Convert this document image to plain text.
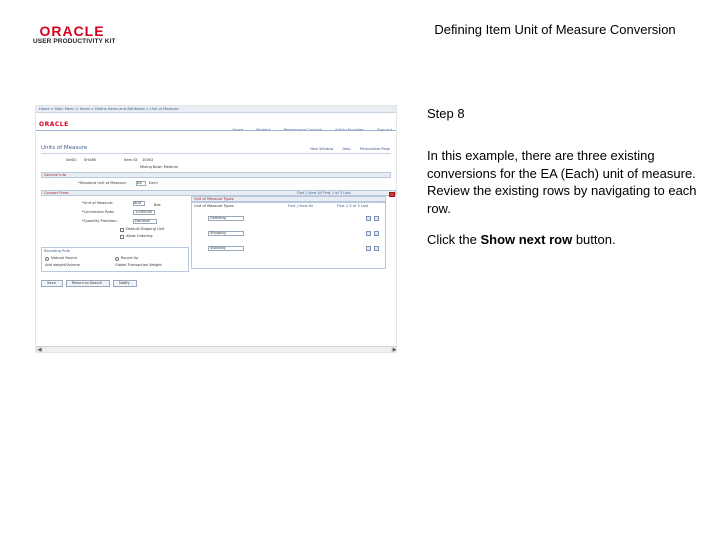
ORACLE
USER PRODUCTIVITY KIT
Defining Item Unit of Measure Conversion
Home > Main Menu > Items > Define Items and Attributes > Unit of Measure

ORACLE
New Window	Help	Personalize Page
Units of Measure
SetID: SHARE	Item ID: 10002
Mixing Bowl, Medium
General Info
*Standard Unit of Measure:	EA Each
Convert From:	Find | View All First 1 of 3 Last
*Unit of Measure:	BOX	Box
*Conversion Rate:	1.000000
*Quantity Precision:	Decimal
Default Shipping Unit
Allow Ordering
Unit of Measure Types
Unit of Measure Types	Find | View All	First 1-3 of 3 Last
Ordering
Shipping
Stocking
Rounding Rule
Natural Round	Round Up
Add weight/Volume	Global Transaction Weight
Save	Return to Search	Notify
◀	▶
Step 8
In this example, there are three existing conversions for the EA (Each) unit of measure. Review the existing rows by navigating to each row.
Click the Show next row button.
